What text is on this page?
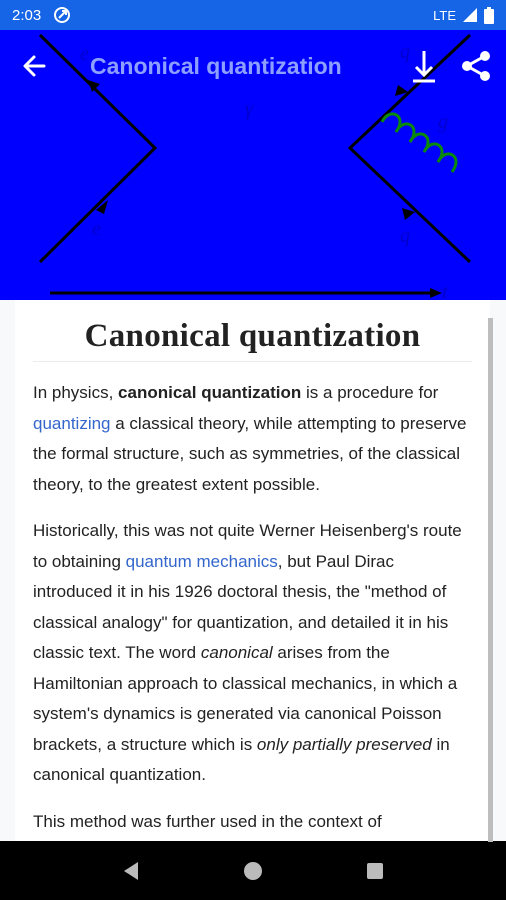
2:03	LTE
γ
g
e
e
q
q
t
Canonical quantization
Canonical quantization

In physics, canonical quantization is a procedure for quantizing a classical theory, while attempting to preserve the formal structure, such as symmetries, of the classical theory, to the greatest extent possible.

Historically, this was not quite Werner Heisenberg's route to obtaining quantum mechanics, but Paul Dirac introduced it in his 1926 doctoral thesis, the "method of classical analogy" for quantization, and detailed it in his classic text. The word canonical arises from the Hamiltonian approach to classical mechanics, in which a system's dynamics is generated via canonical Poisson brackets, a structure which is only partially preserved in canonical quantization.

This method was further used in the context of
